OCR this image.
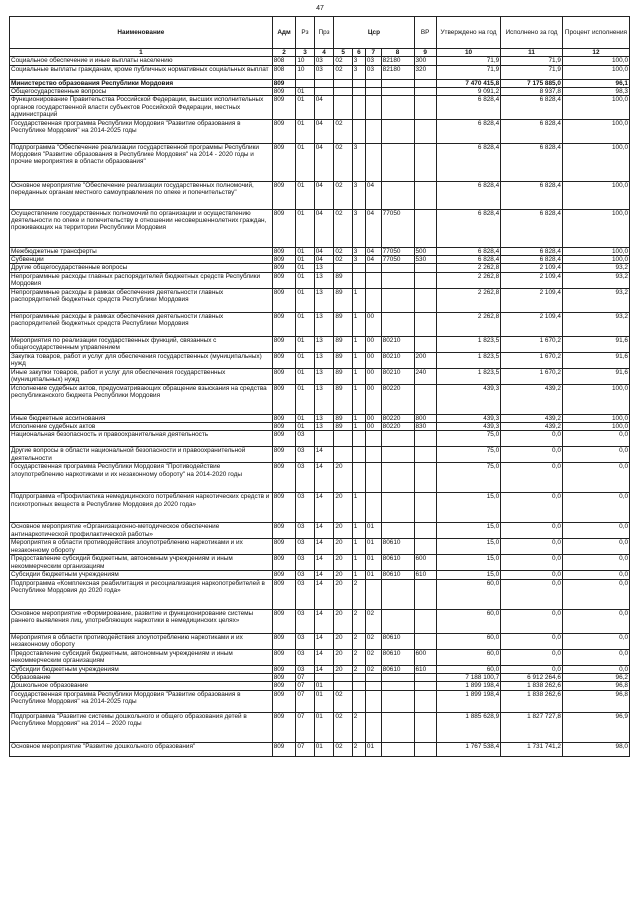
47
Наименование	Адм	Рз	Прз	Цср				ВР	Утверждено на год	Исполнено за год	Процент исполнения
1	2	3	4	5	6	7	8	9	10	11	12
Социальное обеспечение и иные выплаты населению	808	10	03	02	3	03	82180	300	71,9	71,9	100,0
Социальные выплаты гражданам, кроме публичных нормативных социальных выплат	808	10	03	02	3	03	82180	320	71,9	71,9	100,0
Министерство образования Республики Мордовия	809								7 470 415,8	7 175 885,0	96,1
Общегосударственные вопросы	809	01							9 091,2	8 937,8	98,3
Функционирование Правительства Российской Федерации, высших исполнительных органов государственной власти субъектов Российской Федерации, местных администраций	809	01	04						6 828,4	6 828,4	100,0
Государственная программа Республики Мордовия "Развитие образования в Республике Мордовия" на 2014-2025 годы	809	01	04	02					6 828,4	6 828,4	100,0
Подпрограмма "Обеспечение реализации государственной программы Республики Мордовия "Развитие образования в Республике Мордовия" на 2014 - 2020 годы и прочие мероприятия в области образования"	809	01	04	02	3				6 828,4	6 828,4	100,0
Основное мероприятие "Обеспечение реализации государственных полномочий, переданных органам местного самоуправления по опеке и попечительству"	809	01	04	02	3	04			6 828,4	6 828,4	100,0
Осуществление государственных полномочий по организации и осуществлению деятельности по опеке и попечительству в отношении несовершеннолетних граждан, проживающих на территории Республики Мордовия	809	01	04	02	3	04	77050		6 828,4	6 828,4	100,0
Межбюджетные трансферты	809	01	04	02	3	04	77050	500	6 828,4	6 828,4	100,0
Субвенции	809	01	04	02	3	04	77050	530	6 828,4	6 828,4	100,0
Другие общегосударственные вопросы	809	01	13						2 262,8	2 109,4	93,2
Непрограммные расходы главных распорядителей бюджетных средств Республики Мордовия	809	01	13	89					2 262,8	2 109,4	93,2
Непрограммные расходы в рамках обеспечения деятельности главных распорядителей бюджетных средств Республики Мордовия	809	01	13	89	1				2 262,8	2 109,4	93,2
Непрограммные расходы в рамках обеспечения деятельности главных распорядителей бюджетных средств Республики Мордовия	809	01	13	89	1	00			2 262,8	2 109,4	93,2
Мероприятия по реализации государственных функций, связанных с общегосударственным управлением	809	01	13	89	1	00	80210		1 823,5	1 670,2	91,6
Закупка товаров, работ и услуг для обеспечения государственных (муниципальных) нужд	809	01	13	89	1	00	80210	200	1 823,5	1 670,2	91,6
Иные закупки товаров, работ и услуг для обеспечения государственных (муниципальных) нужд	809	01	13	89	1	00	80210	240	1 823,5	1 670,2	91,6
Исполнение судебных актов, предусматривающих обращение взыскания на средства республиканского бюджета Республики Мордовия	809	01	13	89	1	00	80220		439,3	439,2	100,0
Иные бюджетные ассигнования	809	01	13	89	1	00	80220	800	439,3	439,2	100,0
Исполнение судебных актов	809	01	13	89	1	00	80220	830	439,3	439,2	100,0
Национальная безопасность и правоохранительная деятельность	809	03							75,0	0,0	0,0
Другие вопросы в области национальной безопасности и правоохранительной деятельности	809	03	14						75,0	0,0	0,0
Государственная программа Республики Мордовия "Противодействие злоупотреблению наркотиками и их незаконному обороту" на 2014-2020 годы	809	03	14	20					75,0	0,0	0,0
Подпрограмма «Профилактика немедицинского потребления наркотических средств и психотропных веществ в Республике Мордовия до 2020 года»	809	03	14	20	1				15,0	0,0	0,0
Основное мероприятие «Организационно-методическое обеспечение антинаркотической профилактической работы»	809	03	14	20	1	01			15,0	0,0	0,0
Мероприятия в области противодействия злоупотреблению наркотиками и их незаконному обороту	809	03	14	20	1	01	80610		15,0	0,0	0,0
Предоставление субсидий бюджетным, автономным учреждениям и иным некоммерческим организациям	809	03	14	20	1	01	80610	600	15,0	0,0	0,0
Субсидии бюджетным учреждениям	809	03	14	20	1	01	80610	610	15,0	0,0	0,0
Подпрограмма «Комплексная реабилитация и ресоциализация наркопотребителей в Республике Мордовия до 2020 года»	809	03	14	20	2				60,0	0,0	0,0
Основное мероприятие «Формирование, развитие и функционирование системы раннего выявления лиц, употребляющих наркотики в немедицинских целях»	809	03	14	20	2	02			60,0	0,0	0,0
Мероприятия в области противодействия злоупотреблению наркотиками и их незаконному обороту	809	03	14	20	2	02	80610		60,0	0,0	0,0
Предоставление субсидий бюджетным, автономным учреждениям и иным некоммерческим организациям	809	03	14	20	2	02	80610	600	60,0	0,0	0,0
Субсидии бюджетным учреждениям	809	03	14	20	2	02	80610	610	60,0	0,0	0,0
Образование	809	07							7 188 100,7	6 912 264,6	96,2
Дошкольное образование	809	07	01						1 899 198,4	1 838 262,6	96,8
Государственная программа Республики Мордовия "Развитие образования в Республике Мордовия" на 2014-2025 годы	809	07	01	02					1 899 198,4	1 838 262,6	96,8
Подпрограмма "Развитие системы дошкольного и общего образования детей в Республике Мордовия" на 2014 – 2020 годы	809	07	01	02	2				1 885 628,9	1 827 727,8	96,9
Основное мероприятие "Развитие дошкольного образования"	809	07	01	02	2	01			1 767 538,4	1 731 741,2	98,0
